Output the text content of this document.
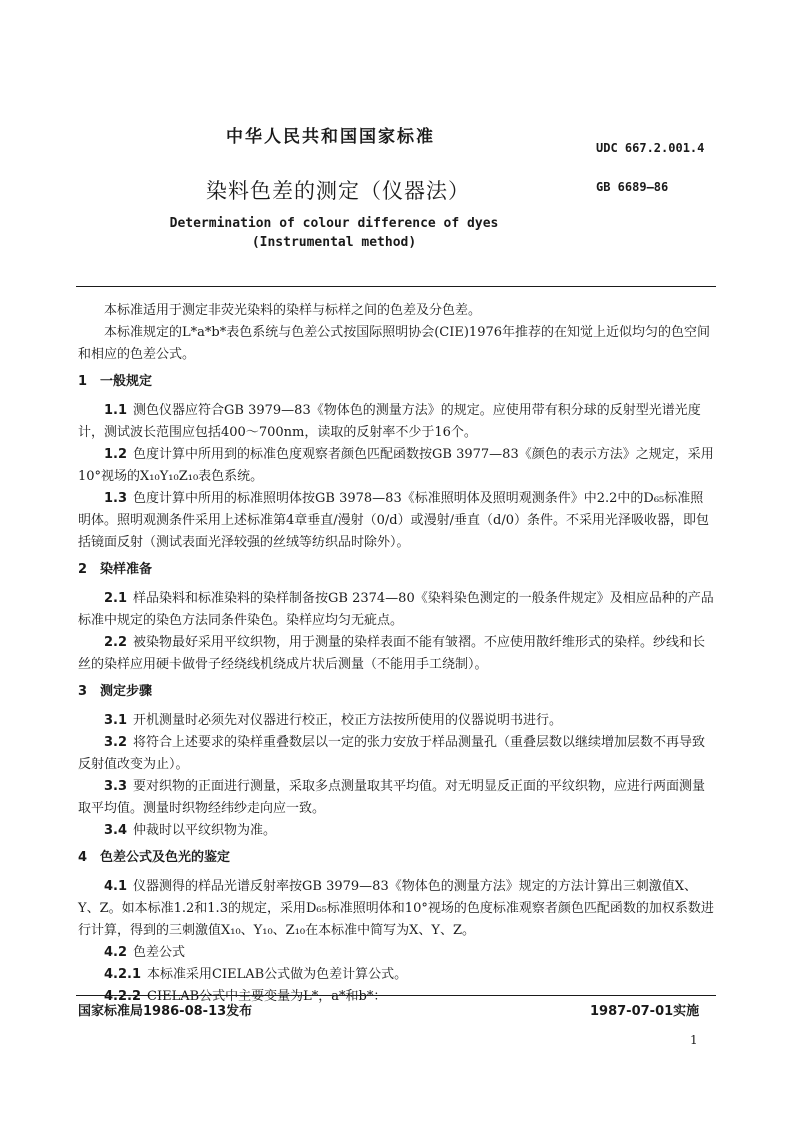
中华人民共和国国家标准
UDC 667.2.001.4
染料色差的测定（仪器法）	GB 6689—86
Determination of colour difference of dyes
(Instrumental method)

本标准适用于测定非荧光染料的染样与标样之间的色差及分色差。

本标准规定的L*a*b*表色系统与色差公式按国际照明协会(CIE)1976年推荐的在知觉上近似均匀的色空间和相应的色差公式。

1　一般规定

1.1 测色仪器应符合GB 3979—83《物体色的测量方法》的规定。应使用带有积分球的反射型光谱光度计，测试波长范围应包括400～700nm，读取的反射率不少于16个。

1.2 色度计算中所用到的标准色度观察者颜色匹配函数按GB 3977—83《颜色的表示方法》之规定，采用10°视场的X₁₀Y₁₀Z₁₀表色系统。

1.3 色度计算中所用的标准照明体按GB 3978—83《标准照明体及照明观测条件》中2.2中的D₆₅标准照明体。照明观测条件采用上述标准第4章垂直/漫射（0/d）或漫射/垂直（d/0）条件。不采用光泽吸收器，即包括镜面反射（测试表面光泽较强的丝绒等纺织品时除外）。

2　染样准备

2.1 样品染料和标准染料的染样制备按GB 2374—80《染料染色测定的一般条件规定》及相应品种的产品标准中规定的染色方法同条件染色。染样应均匀无疵点。

2.2 被染物最好采用平纹织物，用于测量的染样表面不能有皱褶。不应使用散纤维形式的染样。纱线和长丝的染样应用硬卡做骨子经绕线机绕成片状后测量（不能用手工绕制）。

3　测定步骤

3.1 开机测量时必须先对仪器进行校正，校正方法按所使用的仪器说明书进行。

3.2 将符合上述要求的染样重叠数层以一定的张力安放于样品测量孔（重叠层数以继续增加层数不再导致反射值改变为止）。

3.3 要对织物的正面进行测量，采取多点测量取其平均值。对无明显反正面的平纹织物，应进行两面测量取平均值。测量时织物经纬纱走向应一致。

3.4 仲裁时以平纹织物为准。

4　色差公式及色光的鉴定

4.1 仪器测得的样品光谱反射率按GB 3979—83《物体色的测量方法》规定的方法计算出三刺激值X、Y、Z。如本标准1.2和1.3的规定，采用D₆₅标准照明体和10°视场的色度标准观察者颜色匹配函数的加权系数进行计算，得到的三刺激值X₁₀、Y₁₀、Z₁₀在本标准中简写为X、Y、Z。

4.2 色差公式

4.2.1 本标准采用CIELAB公式做为色差计算公式。

4.2.2 CIELAB公式中主要变量为L*，a*和b*：

国家标准局1986-08-13发布	1987-07-01实施
1
